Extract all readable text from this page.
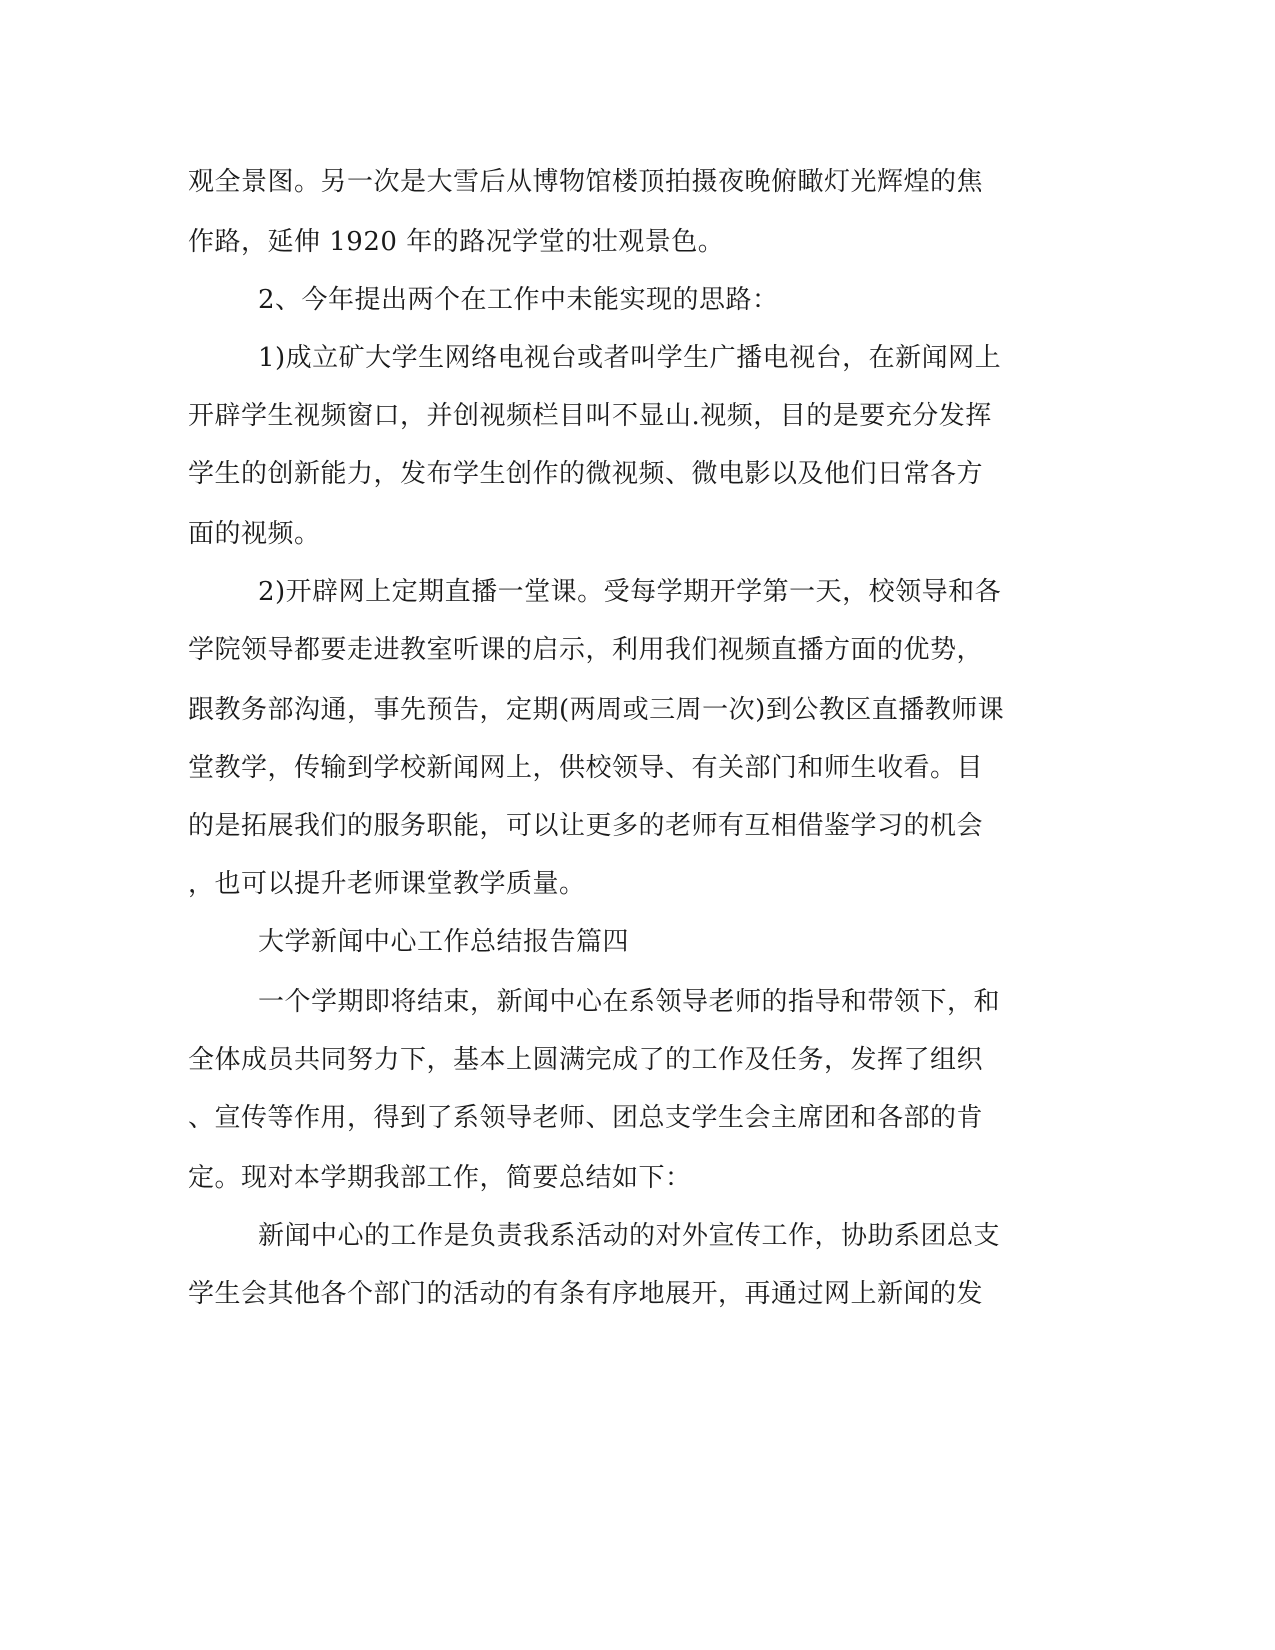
观全景图。另一次是大雪后从博物馆楼顶拍摄夜晚俯瞰灯光辉煌的焦
作路，延伸 1920 年的路况学堂的壮观景色。
2、今年提出两个在工作中未能实现的思路：
1)成立矿大学生网络电视台或者叫学生广播电视台，在新闻网上
开辟学生视频窗口，并创视频栏目叫不显山.视频，目的是要充分发挥
学生的创新能力，发布学生创作的微视频、微电影以及他们日常各方
面的视频。
2)开辟网上定期直播一堂课。受每学期开学第一天，校领导和各
学院领导都要走进教室听课的启示，利用我们视频直播方面的优势，
跟教务部沟通，事先预告，定期(两周或三周一次)到公教区直播教师课
堂教学，传输到学校新闻网上，供校领导、有关部门和师生收看。目
的是拓展我们的服务职能，可以让更多的老师有互相借鉴学习的机会
，也可以提升老师课堂教学质量。
大学新闻中心工作总结报告篇四
一个学期即将结束，新闻中心在系领导老师的指导和带领下，和
全体成员共同努力下，基本上圆满完成了的工作及任务，发挥了组织
、宣传等作用，得到了系领导老师、团总支学生会主席团和各部的肯
定。现对本学期我部工作，简要总结如下：
新闻中心的工作是负责我系活动的对外宣传工作，协助系团总支
学生会其他各个部门的活动的有条有序地展开，再通过网上新闻的发
